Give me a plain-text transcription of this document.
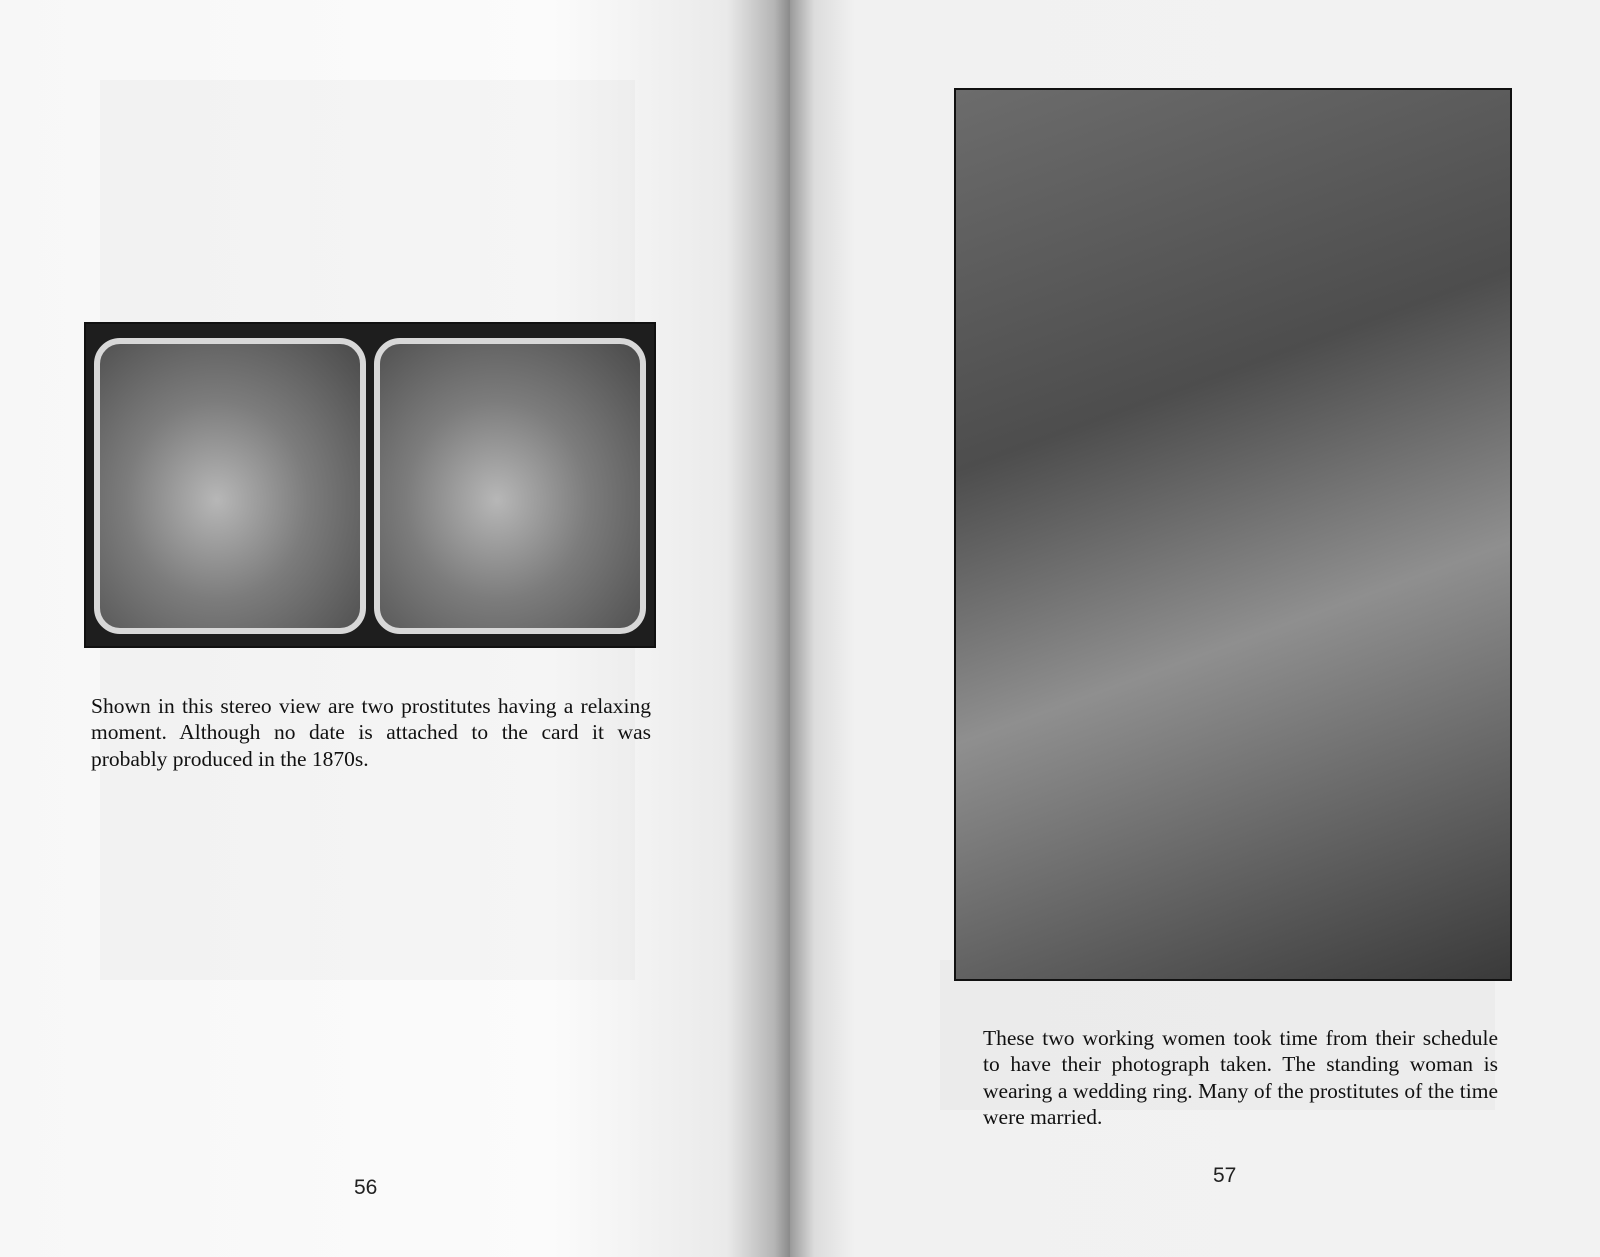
Shown in this stereo view are two prostitutes having a relaxing moment. Although no date is attached to the card it was probably produced in the 1870s.

56

These two working women took time from their schedule to have their photograph taken. The standing woman is wearing a wedding ring. Many of the prostitutes of the time were married.

57
